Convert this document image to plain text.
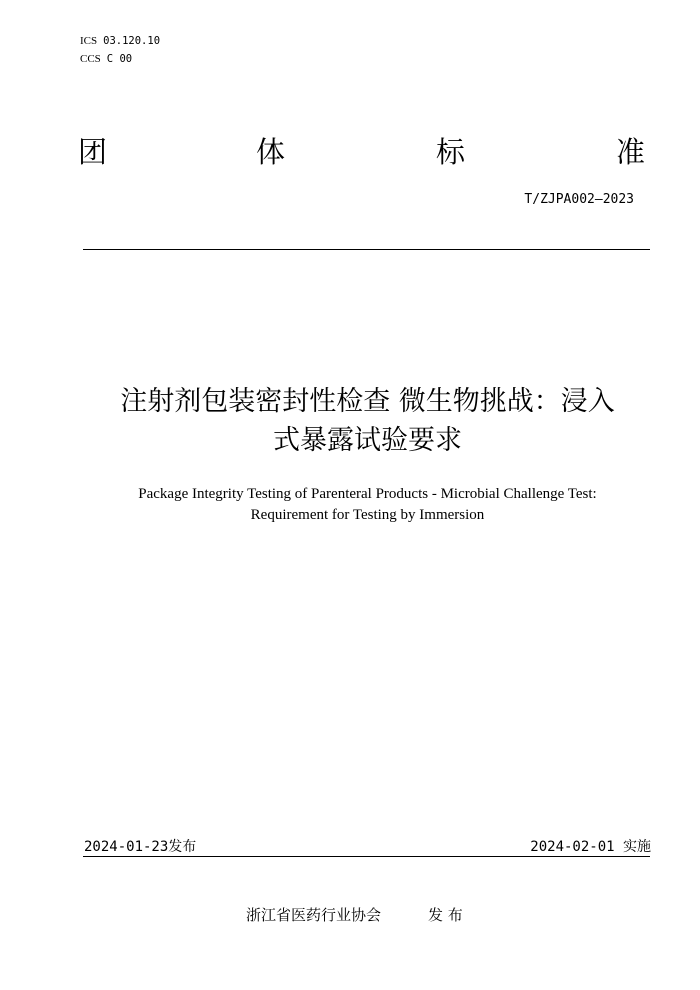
ICS 03.120.10
CCS C 00
团	体	标	准
T/ZJPA002—2023
注射剂包装密封性检查 微生物挑战：浸入
式暴露试验要求
Package Integrity Testing of Parenteral Products - Microbial Challenge Test:
Requirement for Testing by Immersion
2024-01-23发布	2024-02-01 实施
浙江省医药行业协会	发 布
